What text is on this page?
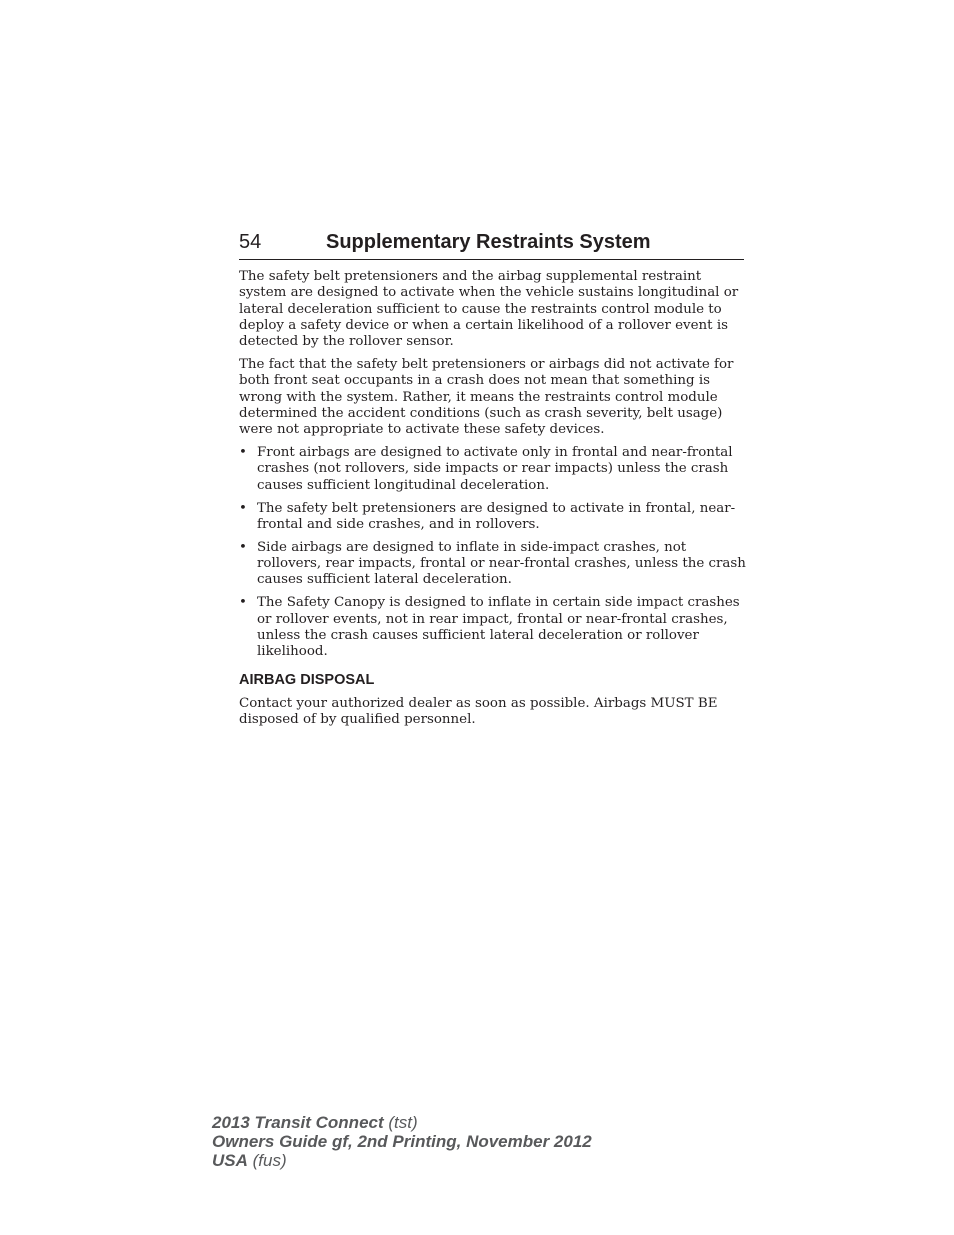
54	Supplementary Restraints System

The safety belt pretensioners and the airbag supplemental restraint system are designed to activate when the vehicle sustains longitudinal or lateral deceleration sufficient to cause the restraints control module to deploy a safety device or when a certain likelihood of a rollover event is detected by the rollover sensor.

The fact that the safety belt pretensioners or airbags did not activate for both front seat occupants in a crash does not mean that something is wrong with the system. Rather, it means the restraints control module determined the accident conditions (such as crash severity, belt usage) were not appropriate to activate these safety devices.

• Front airbags are designed to activate only in frontal and near-frontal crashes (not rollovers, side impacts or rear impacts) unless the crash causes sufficient longitudinal deceleration.
• The safety belt pretensioners are designed to activate in frontal, near-frontal and side crashes, and in rollovers.
• Side airbags are designed to inflate in side-impact crashes, not rollovers, rear impacts, frontal or near-frontal crashes, unless the crash causes sufficient lateral deceleration.
• The Safety Canopy is designed to inflate in certain side impact crashes or rollover events, not in rear impact, frontal or near-frontal crashes, unless the crash causes sufficient lateral deceleration or rollover likelihood.
AIRBAG DISPOSAL

Contact your authorized dealer as soon as possible. Airbags MUST BE disposed of by qualified personnel.

2013 Transit Connect (tst)
Owners Guide gf, 2nd Printing, November 2012
USA (fus)
